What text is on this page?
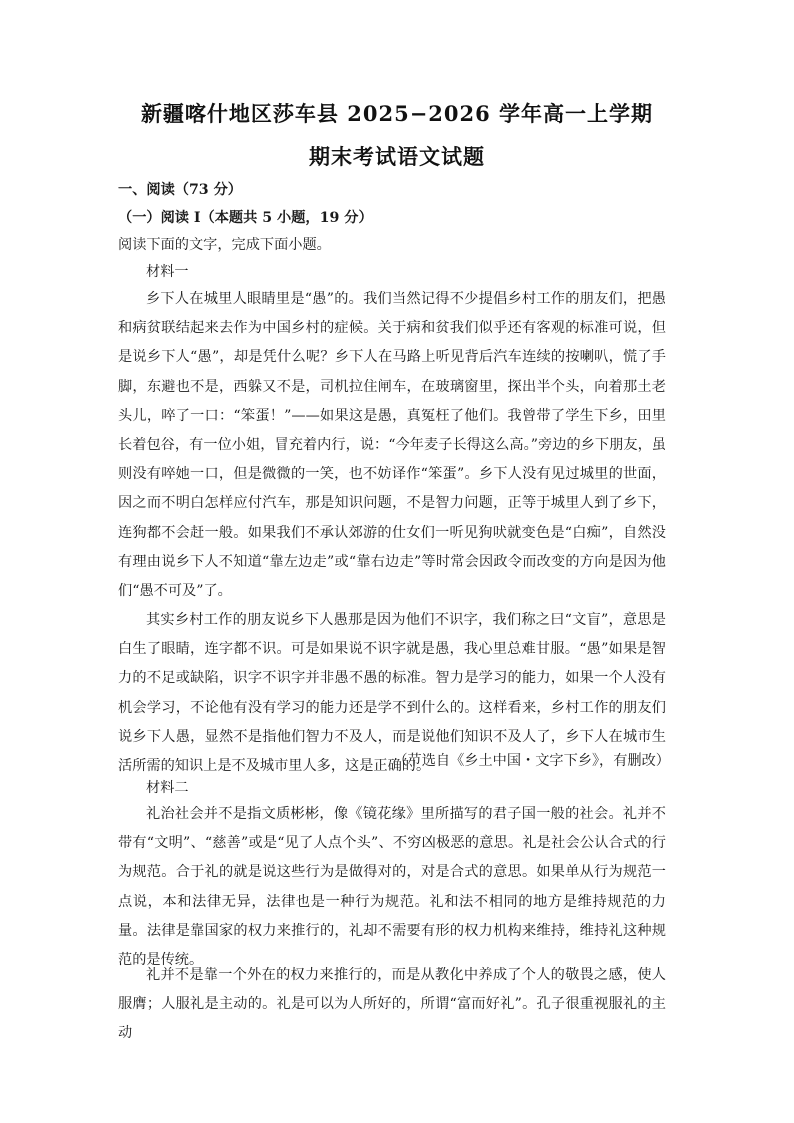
新疆喀什地区莎车县 2025−2026 学年高一上学期
期末考试语文试题
一、阅读（73 分）
（一）阅读 I（本题共 5 小题，19 分）
阅读下面的文字，完成下面小题。
材料一

乡下人在城里人眼睛里是“愚”的。我们当然记得不少提倡乡村工作的朋友们，把愚和病贫联结起来去作为中国乡村的症候。关于病和贫我们似乎还有客观的标准可说，但是说乡下人“愚”，却是凭什么呢？乡下人在马路上听见背后汽车连续的按喇叭，慌了手脚，东避也不是，西躲又不是，司机拉住闸车，在玻璃窗里，探出半个头，向着那土老头儿，啐了一口：“笨蛋！”——如果这是愚，真冤枉了他们。我曾带了学生下乡，田里长着包谷，有一位小姐，冒充着内行，说：“今年麦子长得这么高。”旁边的乡下朋友，虽则没有啐她一口，但是微微的一笑，也不妨译作“笨蛋”。乡下人没有见过城里的世面，因之而不明白怎样应付汽车，那是知识问题，不是智力问题，正等于城里人到了乡下，连狗都不会赶一般。如果我们不承认郊游的仕女们一听见狗吠就变色是“白痴”，自然没有理由说乡下人不知道“靠左边走”或“靠右边走”等时常会因政令而改变的方向是因为他们“愚不可及”了。

其实乡村工作的朋友说乡下人愚那是因为他们不识字，我们称之曰“文盲”，意思是白生了眼睛，连字都不识。可是如果说不识字就是愚，我心里总难甘服。“愚”如果是智力的不足或缺陷，识字不识字并非愚不愚的标准。智力是学习的能力，如果一个人没有机会学习，不论他有没有学习的能力还是学不到什么的。这样看来，乡村工作的朋友们说乡下人愚，显然不是指他们智力不及人，而是说他们知识不及人了，乡下人在城市生活所需的知识上是不及城市里人多，这是正确的。

（节选自《乡土中国・文字下乡》，有删改）
材料二

礼治社会并不是指文质彬彬，像《镜花缘》里所描写的君子国一般的社会。礼并不带有“文明”、“慈善”或是“见了人点个头”、不穷凶极恶的意思。礼是社会公认合式的行为规范。合于礼的就是说这些行为是做得对的，对是合式的意思。如果单从行为规范一点说，本和法律无异，法律也是一种行为规范。礼和法不相同的地方是维持规范的力量。法律是靠国家的权力来推行的，礼却不需要有形的权力机构来维持，维持礼这种规范的是传统。

礼并不是靠一个外在的权力来推行的，而是从教化中养成了个人的敬畏之感，使人服膺；人服礼是主动的。礼是可以为人所好的，所谓“富而好礼”。孔子很重视服礼的主动
